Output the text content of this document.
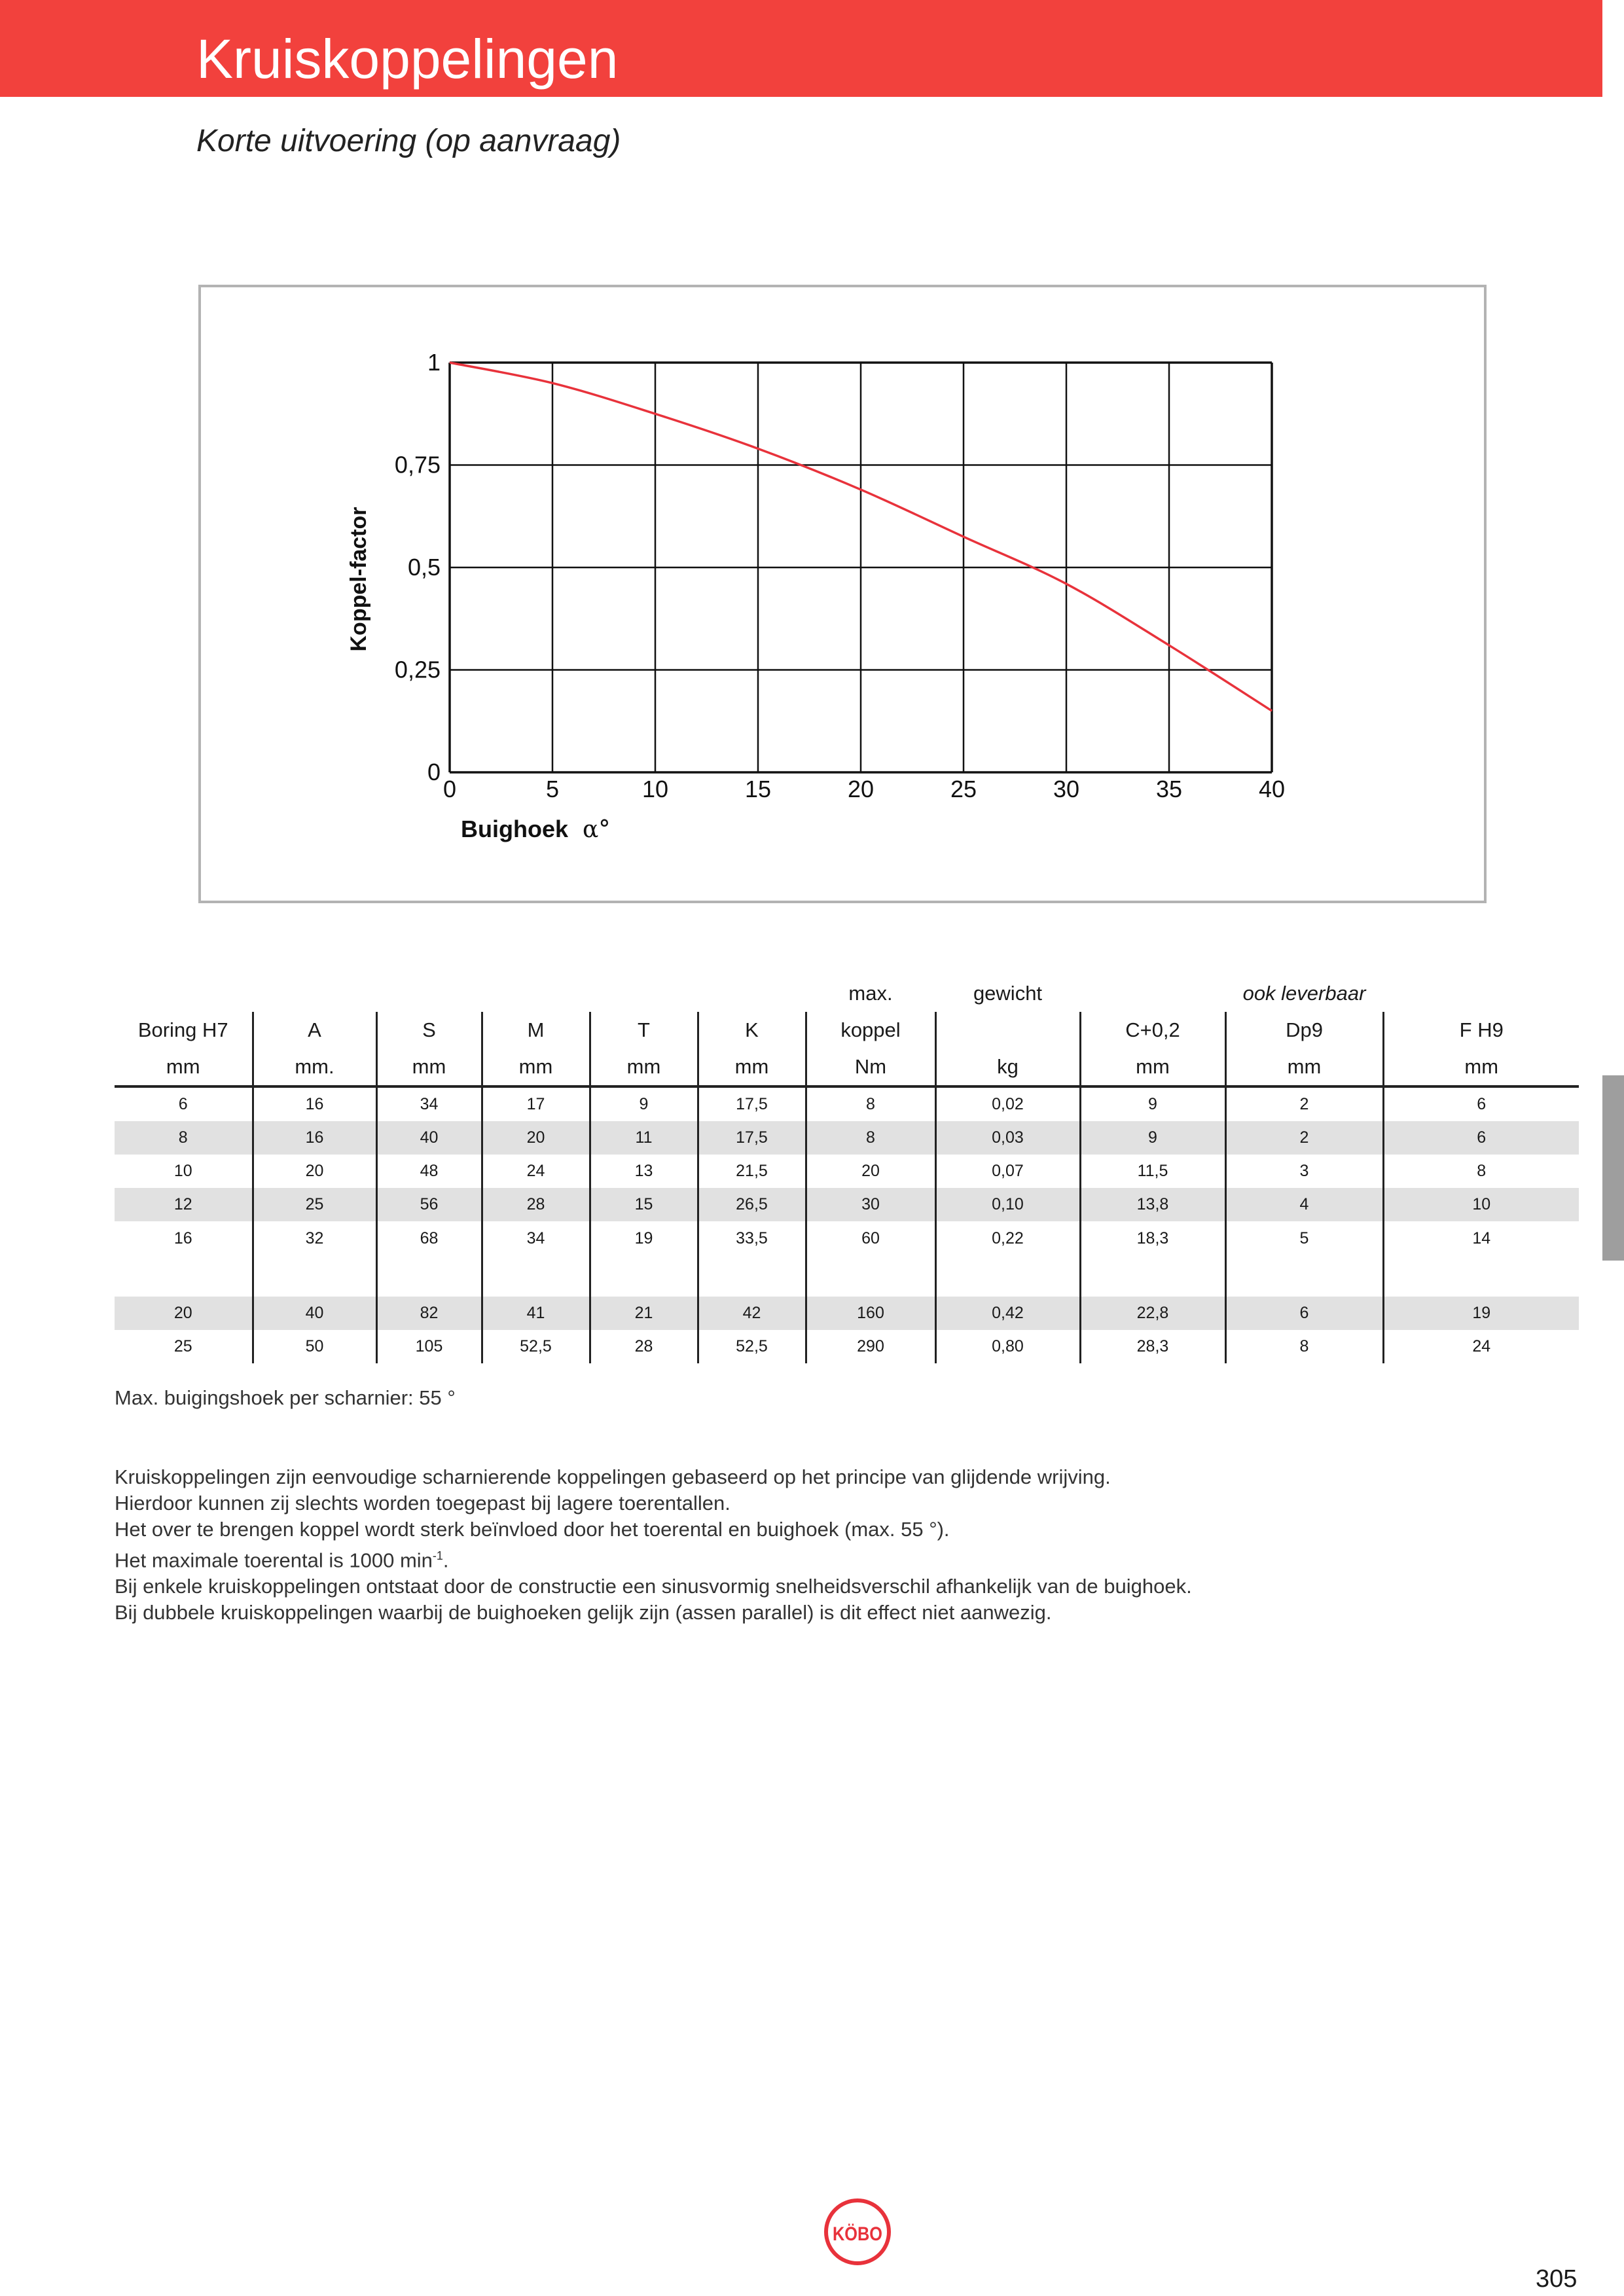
Kruiskoppelingen
Korte uitvoering (op aanvraag)
0	5	10	15	20	25	30	35	40
0
0,25
0,5
0,75
1
Koppel-factor
Buighoek α°
						max.	gewicht		ook leverbaar	
Boring H7	A	S	M	T	K	koppel		C+0,2	Dp9	F H9
mm	mm.	mm	mm	mm	mm	Nm	kg	mm	mm	mm
6	16	34	17	9	17,5	8	0,02	9	2	6
8	16	40	20	11	17,5	8	0,03	9	2	6
10	20	48	24	13	21,5	20	0,07	11,5	3	8
12	25	56	28	15	26,5	30	0,10	13,8	4	10
16	32	68	34	19	33,5	60	0,22	18,3	5	14
20	40	82	41	21	42	160	0,42	22,8	6	19
25	50	105	52,5	28	52,5	290	0,80	28,3	8	24

Max. buigingshoek per scharnier: 55 °

Kruiskoppelingen zijn eenvoudige scharnierende koppelingen gebaseerd op het principe van glijdende wrijving.
Hierdoor kunnen zij slechts worden toegepast bij lagere toerentallen.
Het over te brengen koppel wordt sterk beïnvloed door het toerental en buighoek (max. 55 °).
Het maximale toerental is 1000 $\min^{-1}$.
Bij enkele kruiskoppelingen ontstaat door de constructie een sinusvormig snelheidsverschil afhankelijk van de buighoek.
Bij dubbele kruiskoppelingen waarbij de buighoeken gelijk zijn (assen parallel) is dit effect niet aanwezig.
KÖBO

305
